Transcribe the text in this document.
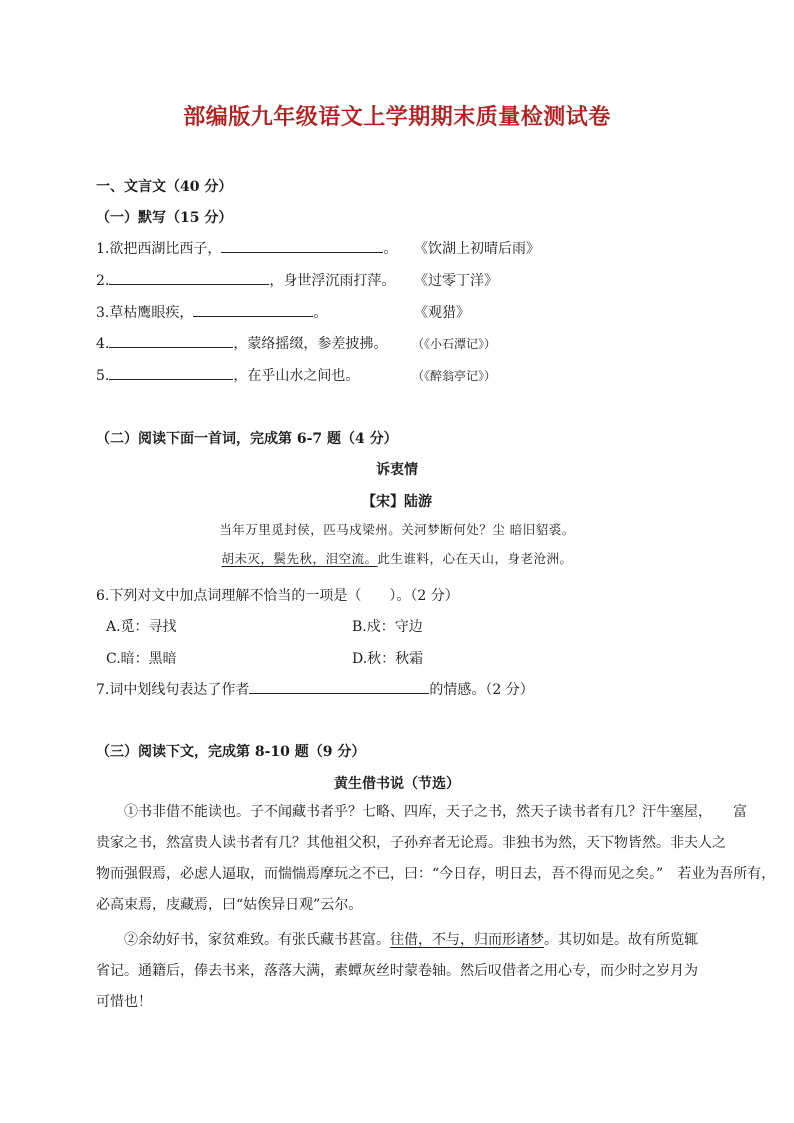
部编版九年级语文上学期期末质量检测试卷
一、文言文（40 分）
（一）默写（15 分）
1.欲把西湖比西子，	。 《饮湖上初晴后雨》
2.	，身世浮沉雨打萍。 《过零丁洋》
3.草枯鹰眼疾，	。	《观猎》
4.	，蒙络摇缀，参差披拂。 （《小石潭记》）
5.	，在乎山水之间也。	（《醉翁亭记》）
（二）阅读下面一首词，完成第 6-7 题（4 分）
诉衷情
【宋】陆游
当年万里觅封侯，匹马戍梁州。关河梦断何处？尘 暗旧貂裘。
胡未灭，鬓先秋，泪空流。此生谁料，心在天山，身老沧洲。
6.下列对文中加点词理解不恰当的一项是（　　）。（2 分）
A.觅：寻找	B.戍：守边
C.暗：黑暗	D.秋：秋霜
7.词中划线句表达了作者	的情感。（2 分）
（三）阅读下文，完成第 8-10 题（9 分）
黄生借书说（节选）
①书非借不能读也。子不闻藏书者乎？七略、四库，天子之书，然天子读书者有几？汗牛塞屋，　　富
贵家之书，然富贵人读书者有几？其他祖父积，子孙弃者无论焉。非独书为然，天下物皆然。非夫人之
物而强假焉，必虑人逼取，而惴惴焉摩玩之不已，曰：“今日存，明日去，吾不得而见之矣。”　若业为吾所有，
必高束焉，庋藏焉，曰“姑俟异日观”云尔。
②余幼好书，家贫难致。有张氏藏书甚富。往借，不与，归而形诸梦。其切如是。故有所览辄
省记。通籍后，俸去书来，落落大满，素蟫灰丝时蒙卷轴。然后叹借者之用心专，而少时之岁月为
可惜也！
